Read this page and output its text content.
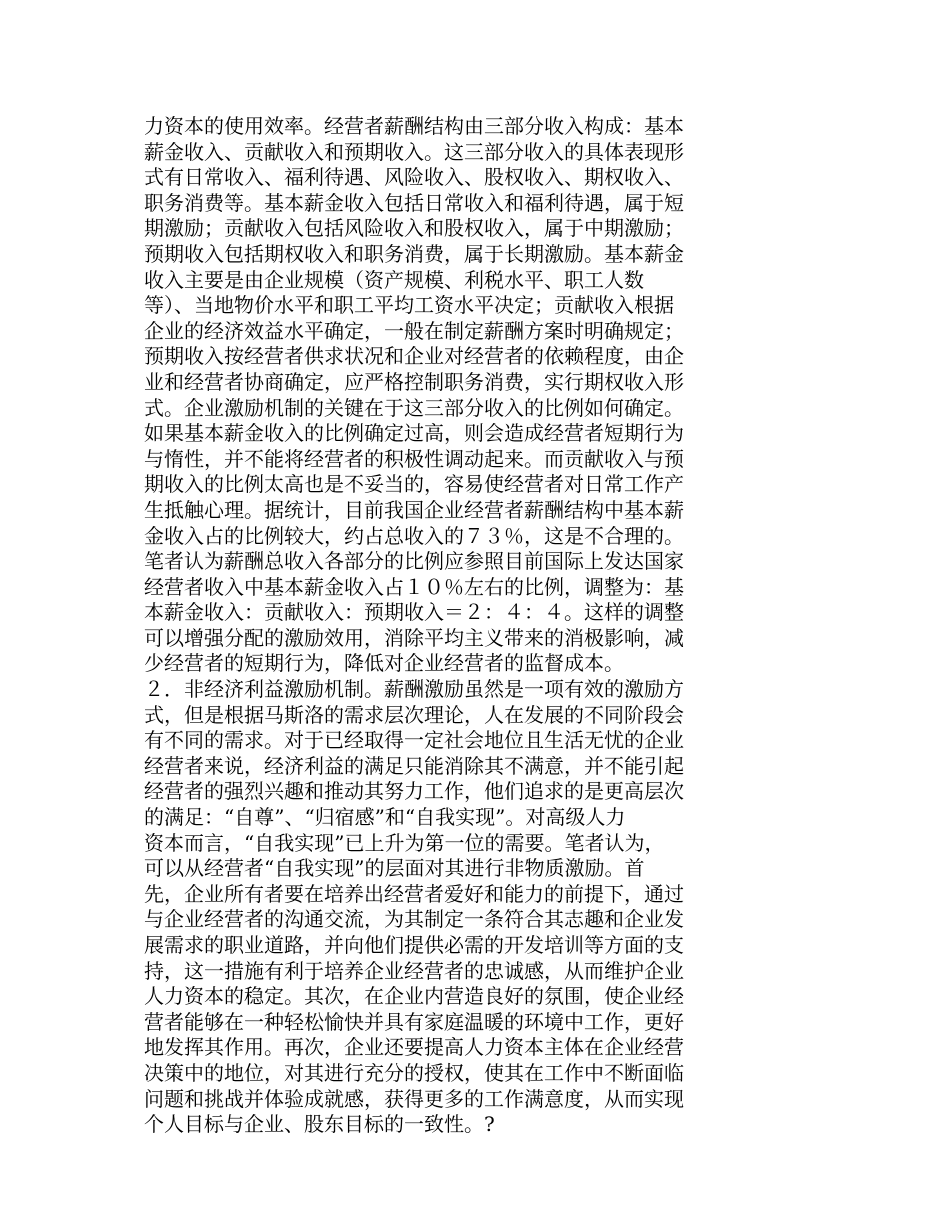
力资本的使用效率。经营者薪酬结构由三部分收入构成：基本
薪金收入、贡献收入和预期收入。这三部分收入的具体表现形
式有日常收入、福利待遇、风险收入、股权收入、期权收入、
职务消费等。基本薪金收入包括日常收入和福利待遇，属于短
期激励；贡献收入包括风险收入和股权收入，属于中期激励；
预期收入包括期权收入和职务消费，属于长期激励。基本薪金
收入主要是由企业规模（资产规模、利税水平、职工人数
等）、当地物价水平和职工平均工资水平决定；贡献收入根据
企业的经济效益水平确定，一般在制定薪酬方案时明确规定；
预期收入按经营者供求状况和企业对经营者的依赖程度，由企
业和经营者协商确定，应严格控制职务消费，实行期权收入形
式。企业激励机制的关键在于这三部分收入的比例如何确定。
如果基本薪金收入的比例确定过高，则会造成经营者短期行为
与惰性，并不能将经营者的积极性调动起来。而贡献收入与预
期收入的比例太高也是不妥当的，容易使经营者对日常工作产
生抵触心理。据统计，目前我国企业经营者薪酬结构中基本薪
金收入占的比例较大，约占总收入的７３％，这是不合理的。
笔者认为薪酬总收入各部分的比例应参照目前国际上发达国家
经营者收入中基本薪金收入占１０％左右的比例，调整为：基
本薪金收入：贡献收入：预期收入＝２：４：４。这样的调整
可以增强分配的激励效用，消除平均主义带来的消极影响，减
少经营者的短期行为，降低对企业经营者的监督成本。
２．非经济利益激励机制。薪酬激励虽然是一项有效的激励方
式，但是根据马斯洛的需求层次理论，人在发展的不同阶段会
有不同的需求。对于已经取得一定社会地位且生活无忧的企业
经营者来说，经济利益的满足只能消除其不满意，并不能引起
经营者的强烈兴趣和推动其努力工作，他们追求的是更高层次
的满足：“自尊”、“归宿感”和“自我实现”。对高级人力
资本而言，“自我实现”已上升为第一位的需要。笔者认为，
可以从经营者“自我实现”的层面对其进行非物质激励。首
先，企业所有者要在培养出经营者爱好和能力的前提下，通过
与企业经营者的沟通交流，为其制定一条符合其志趣和企业发
展需求的职业道路，并向他们提供必需的开发培训等方面的支
持，这一措施有利于培养企业经营者的忠诚感，从而维护企业
人力资本的稳定。其次，在企业内营造良好的氛围，使企业经
营者能够在一种轻松愉快并具有家庭温暖的环境中工作，更好
地发挥其作用。再次，企业还要提高人力资本主体在企业经营
决策中的地位，对其进行充分的授权，使其在工作中不断面临
问题和挑战并体验成就感，获得更多的工作满意度，从而实现
个人目标与企业、股东目标的一致性。?
